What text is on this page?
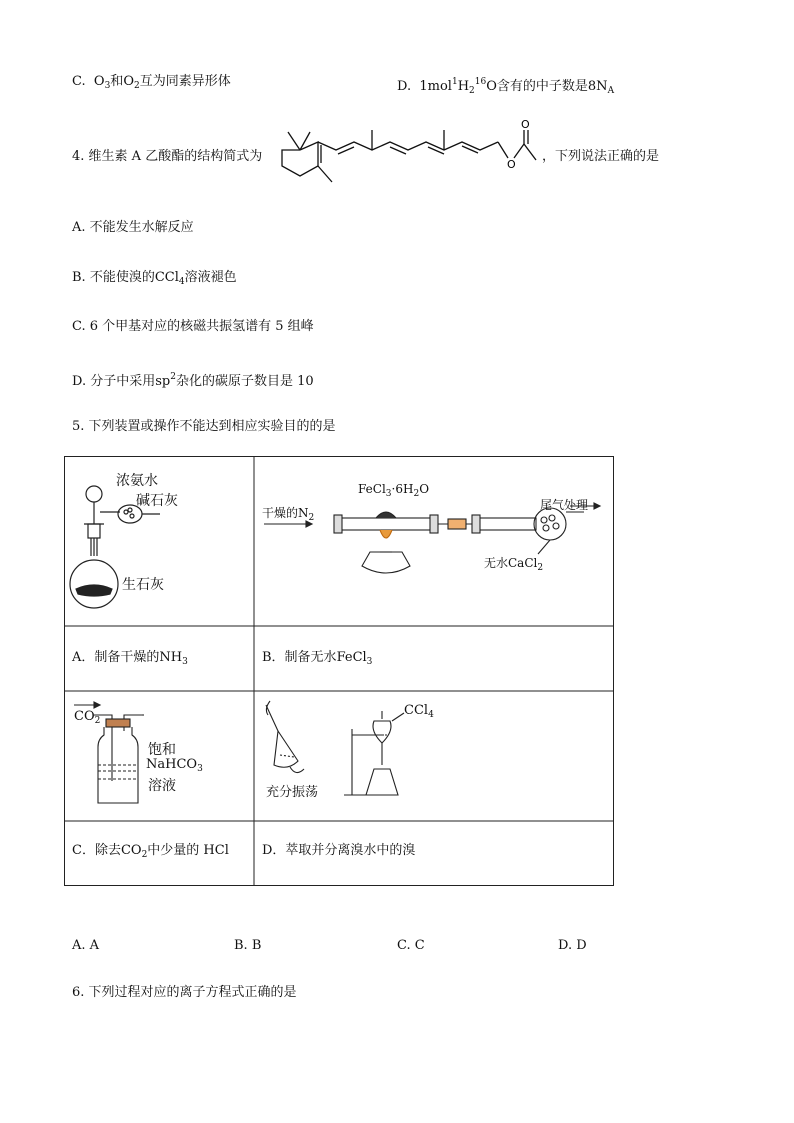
C. $O_3$和$O_2$互为同素异形体	D. $1mol^1H_2^{16}O$含有的中子数是$8N_A$
4. 维生素 A 乙酸酯的结构简式为
O
O
，下列说法正确的是
A. 不能发生水解反应
B. 不能使溴的CCl$_4$溶液褪色
C. 6 个甲基对应的核磁共振氢谱有 5 组峰
D. 分子中采用$sp^2$杂化的碳原子数目是 10
5. 下列装置或操作不能达到相应实验目的的是
浓氨水
碱石灰
生石灰
干燥的$N_2$
$FeCl_3\cdot 6H_2O$
尾气处理
无水CaCl$_2$
A．制备干燥的$NH_3$	B．制备无水FeCl$_3$
$CO_2$
饱和
NaHCO$_3$
溶液	充分振荡
CCl$_4$
C．除去$CO_2$中少量的 HCl	D．萃取并分离溴水中的溴
A. A	B. B	C. C	D. D
6. 下列过程对应的离子方程式正确的是
